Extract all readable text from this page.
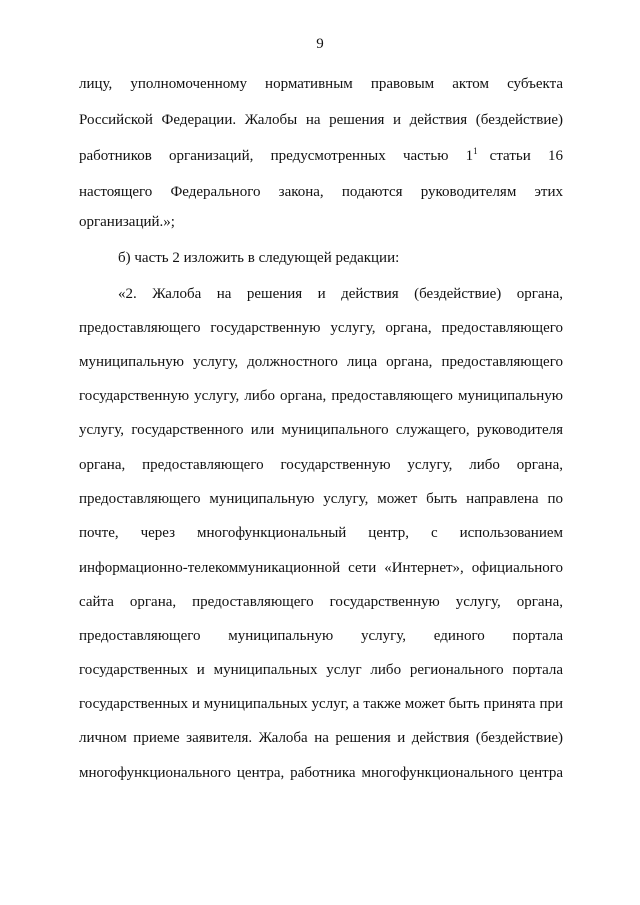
9
лицу, уполномоченному нормативным правовым актом субъекта
Российской Федерации. Жалобы на решения и действия (бездействие)
работников организаций, предусмотренных частью $1^1$ статьи 16
настоящего Федерального закона, подаются руководителям этих
организаций.»;
б) часть 2 изложить в следующей редакции:
«2. Жалоба на решения и действия (бездействие) органа,
предоставляющего государственную услугу, органа, предоставляющего
муниципальную услугу, должностного лица органа, предоставляющего
государственную услугу, либо органа, предоставляющего муниципальную
услугу, государственного или муниципального служащего, руководителя
органа, предоставляющего государственную услугу, либо органа,
предоставляющего муниципальную услугу, может быть направлена по
почте, через многофункциональный центр, с использованием
информационно-телекоммуникационной сети «Интернет», официального
сайта органа, предоставляющего государственную услугу, органа,
предоставляющего муниципальную услугу, единого портала
государственных и муниципальных услуг либо регионального портала
государственных и муниципальных услуг, а также может быть принята при
личном приеме заявителя. Жалоба на решения и действия (бездействие)
многофункционального центра, работника многофункционального центра
